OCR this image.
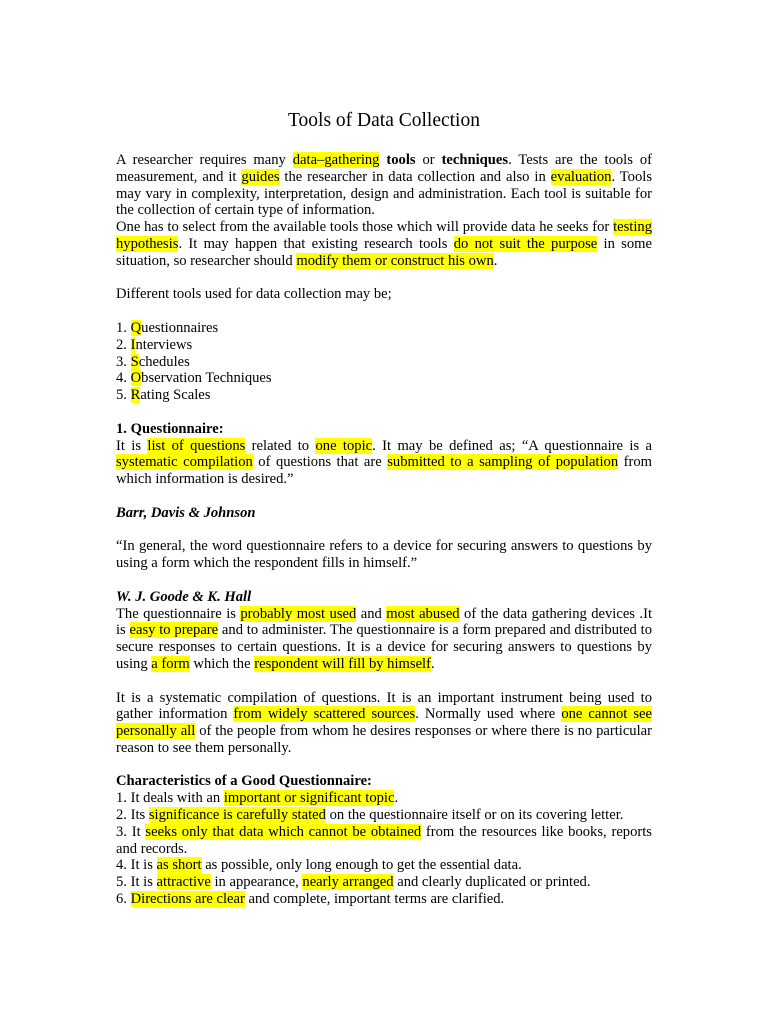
Tools of Data Collection

A researcher requires many data–gathering tools or techniques. Tests are the tools of measurement, and it guides the researcher in data collection and also in evaluation. Tools may vary in complexity, interpretation, design and administration. Each tool is suitable for the collection of certain type of information.

One has to select from the available tools those which will provide data he seeks for testing hypothesis. It may happen that existing research tools do not suit the purpose in some situation, so researcher should modify them or construct his own.

Different tools used for data collection may be;

1. Questionnaires
2. Interviews
3. Schedules
4. Observation Techniques
5. Rating Scales

1. Questionnaire:

It is list of questions related to one topic. It may be defined as; “A questionnaire is a systematic compilation of questions that are submitted to a sampling of population from which information is desired.”

Barr, Davis & Johnson

“In general, the word questionnaire refers to a device for securing answers to questions by using a form which the respondent fills in himself.”

W. J. Goode & K. Hall

The questionnaire is probably most used and most abused of the data gathering devices .It is easy to prepare and to administer. The questionnaire is a form prepared and distributed to secure responses to certain questions. It is a device for securing answers to questions by using a form which the respondent will fill by himself.

It is a systematic compilation of questions. It is an important instrument being used to gather information from widely scattered sources. Normally used where one cannot see personally all of the people from whom he desires responses or where there is no particular reason to see them personally.

Characteristics of a Good Questionnaire:

1. It deals with an important or significant topic.

2. Its significance is carefully stated on the questionnaire itself or on its covering letter.

3. It seeks only that data which cannot be obtained from the resources like books, reports and records.

4. It is as short as possible, only long enough to get the essential data.

5. It is attractive in appearance, nearly arranged and clearly duplicated or printed.

6. Directions are clear and complete, important terms are clarified.
